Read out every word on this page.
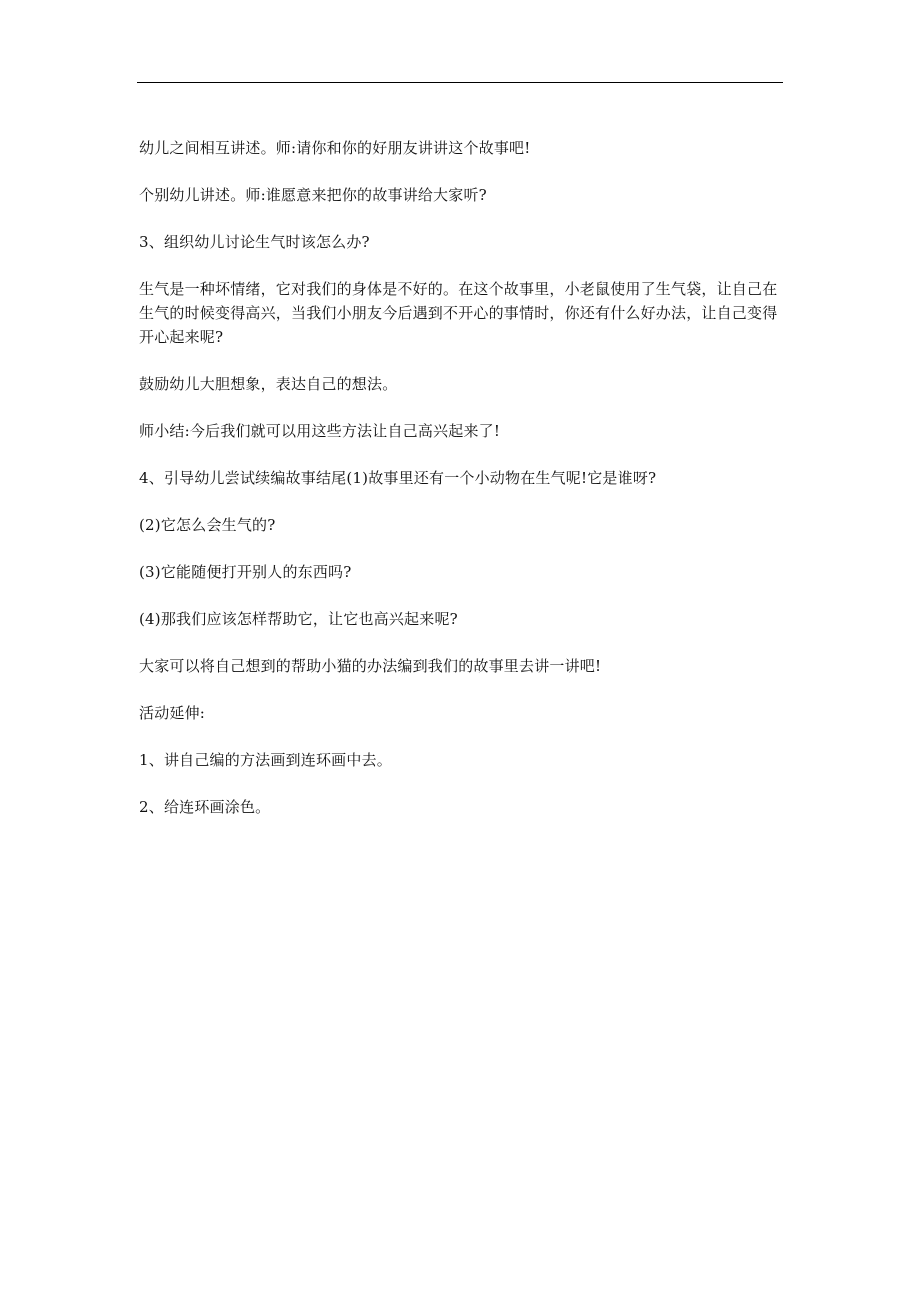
幼儿之间相互讲述。师:请你和你的好朋友讲讲这个故事吧!

个别幼儿讲述。师:谁愿意来把你的故事讲给大家听?

3、组织幼儿讨论生气时该怎么办?

生气是一种坏情绪，它对我们的身体是不好的。在这个故事里，小老鼠使用了生气袋，让自己在生气的时候变得高兴，当我们小朋友今后遇到不开心的事情时，你还有什么好办法，让自己变得开心起来呢?

鼓励幼儿大胆想象，表达自己的想法。

师小结:今后我们就可以用这些方法让自己高兴起来了!

4、引导幼儿尝试续编故事结尾(1)故事里还有一个小动物在生气呢!它是谁呀?

(2)它怎么会生气的?

(3)它能随便打开别人的东西吗?

(4)那我们应该怎样帮助它，让它也高兴起来呢?

大家可以将自己想到的帮助小猫的办法编到我们的故事里去讲一讲吧!

活动延伸:

1、讲自己编的方法画到连环画中去。

2、给连环画涂色。
